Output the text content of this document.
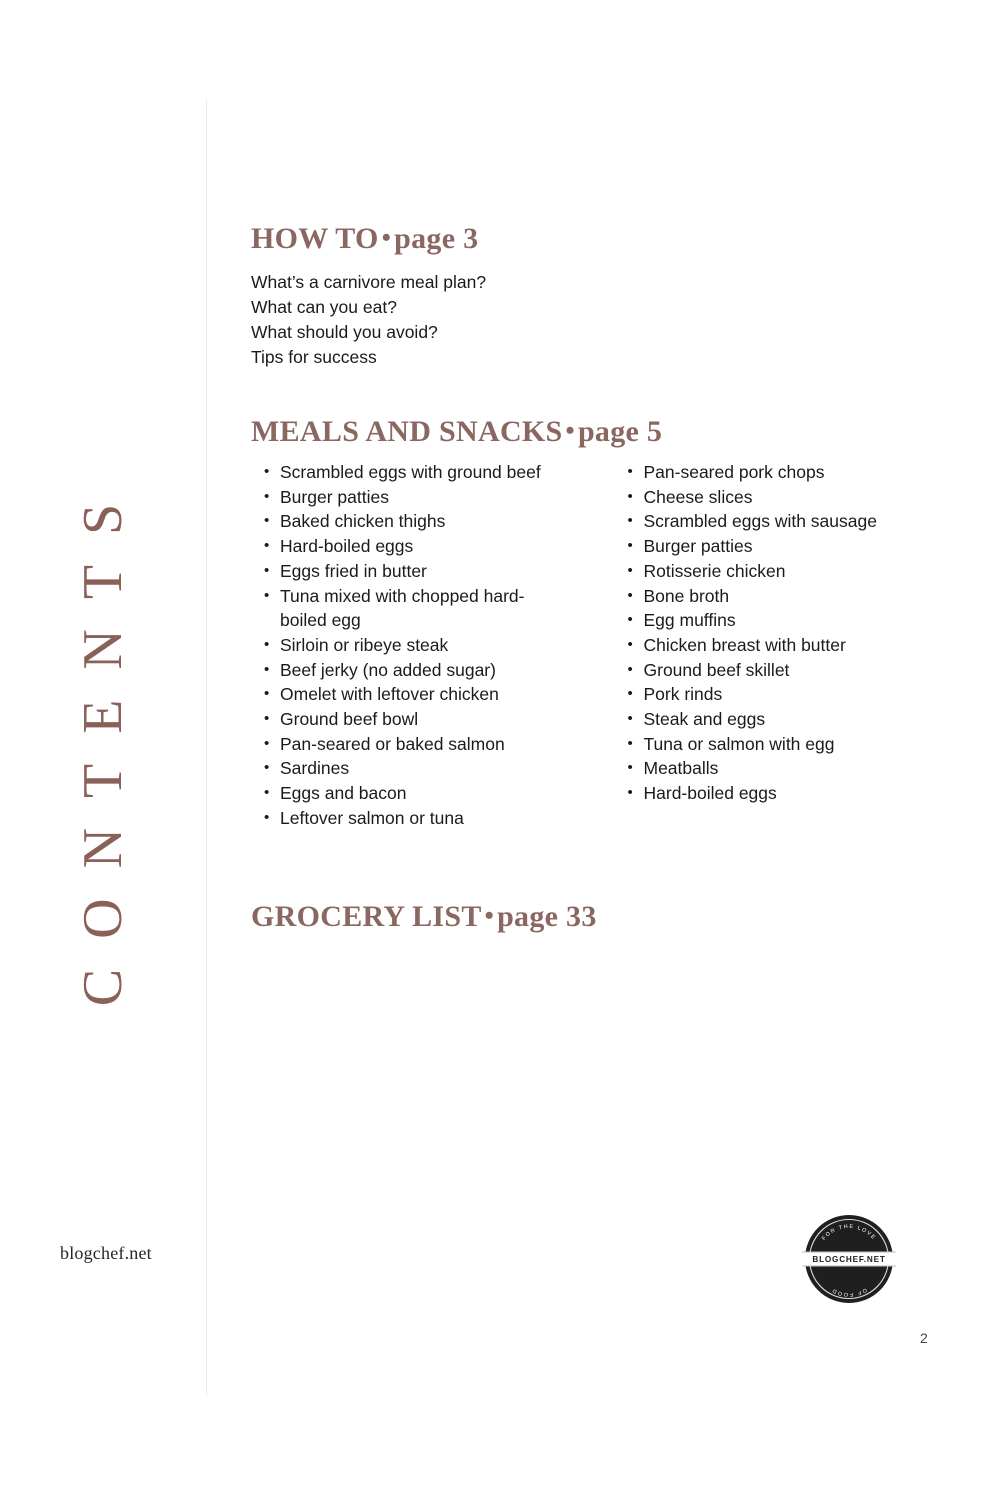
CONTENTS
HOW TO • page 3
What’s a carnivore meal plan?
What can you eat?
What should you avoid?
Tips for success
MEALS AND SNACKS • page 5
• Scrambled eggs with ground beef
• Burger patties
• Baked chicken thighs
• Hard-boiled eggs
• Eggs fried in butter
• Tuna mixed with chopped hard-boiled egg
• Sirloin or ribeye steak
• Beef jerky (no added sugar)
• Omelet with leftover chicken
• Ground beef bowl
• Pan-seared or baked salmon
• Sardines
• Eggs and bacon
• Leftover salmon or tuna
• Pan-seared pork chops
• Cheese slices
• Scrambled eggs with sausage
• Burger patties
• Rotisserie chicken
• Bone broth
• Egg muffins
• Chicken breast with butter
• Ground beef skillet
• Pork rinds
• Steak and eggs
• Tuna or salmon with egg
• Meatballs
• Hard-boiled eggs
GROCERY LIST • page 33
blogchef.net
FOR THE LOVE
OF FOOD
BLOGCHEF.NET
2
